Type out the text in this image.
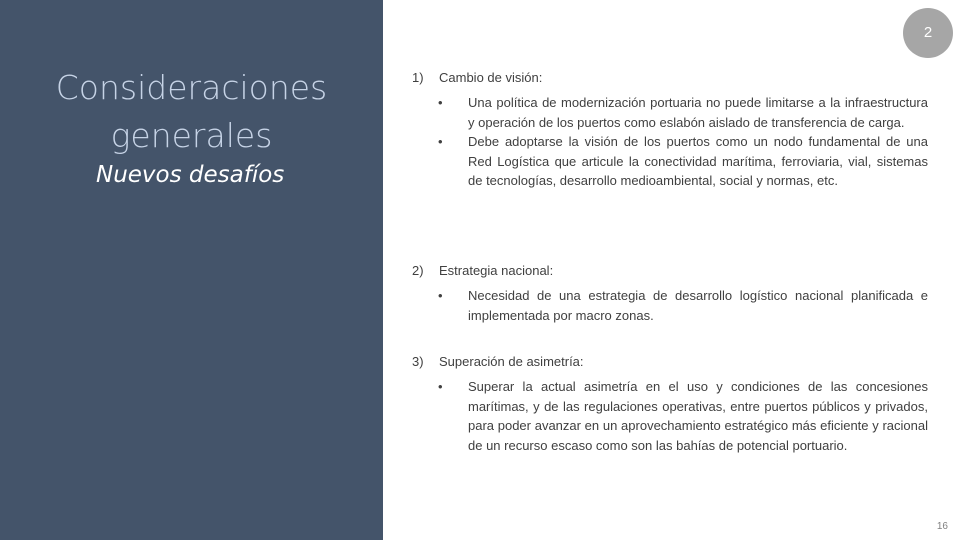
Consideraciones
generales
Nuevos desafíos
2
1)	Cambio de visión:
•	Una política de modernización portuaria no puede limitarse a la infraestructura y operación de los puertos como eslabón aislado de transferencia de carga.
•	Debe adoptarse la visión de los puertos como un nodo fundamental de una Red Logística que articule la conectividad marítima, ferroviaria, vial, sistemas de tecnologías, desarrollo medioambiental, social y normas, etc.
2)	Estrategia nacional:
•	Necesidad de una estrategia de desarrollo logístico nacional planificada e implementada por macro zonas.
3)	Superación de asimetría:
•	Superar la actual asimetría en el uso y condiciones de las concesiones marítimas, y de las regulaciones operativas, entre puertos públicos y privados, para poder avanzar en un aprovechamiento estratégico más eficiente y racional de un recurso escaso como son las bahías de potencial portuario.
16
